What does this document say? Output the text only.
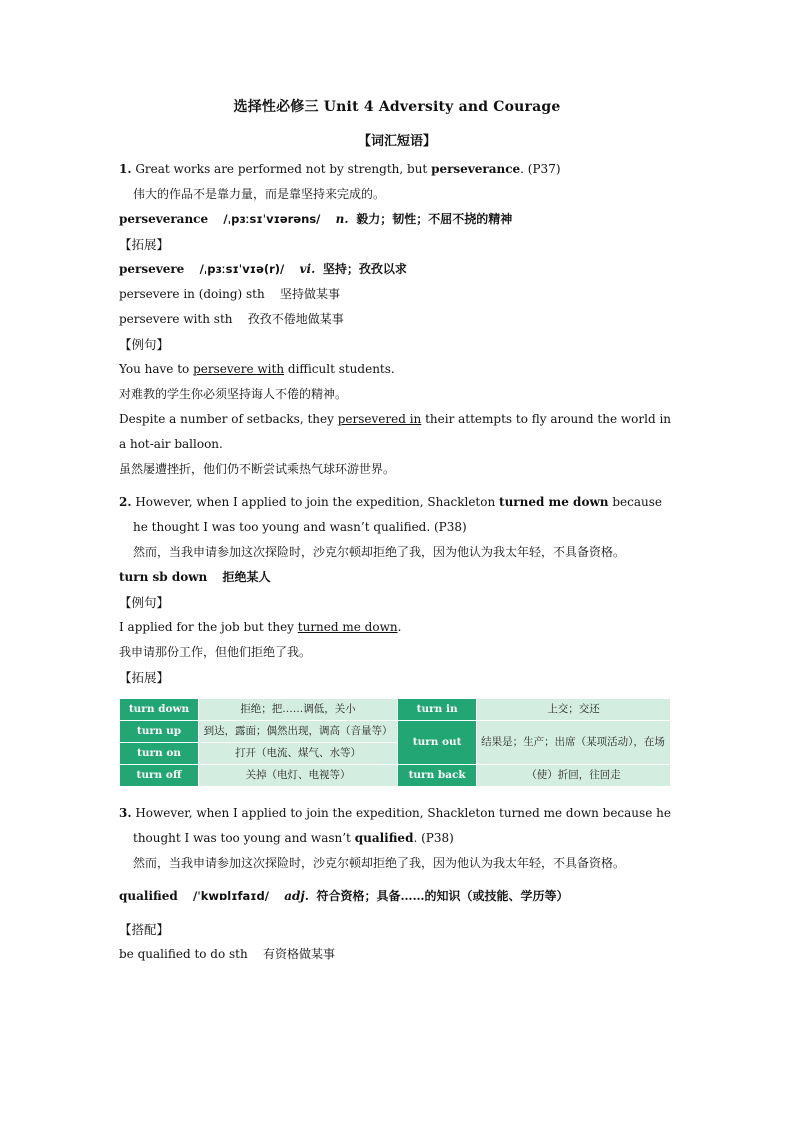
选择性必修三 Unit 4 Adversity and Courage
【词汇短语】

1. Great works are performed not by strength, but perseverance. (P37)

伟大的作品不是靠力量，而是靠坚持来完成的。

perseverance /ˌpɜːsɪˈvɪərəns/ n. 毅力；韧性；不屈不挠的精神

【拓展】

persevere /ˌpɜːsɪˈvɪə(r)/ vi. 坚持；孜孜以求

persevere in (doing) sth 坚持做某事

persevere with sth 孜孜不倦地做某事

【例句】

You have to persevere with difficult students.

对难教的学生你必须坚持诲人不倦的精神。

Despite a number of setbacks, they persevered in their attempts to fly around the world in a hot-air balloon.

虽然屡遭挫折，他们仍不断尝试乘热气球环游世界。

2. However, when I applied to join the expedition, Shackleton turned me down because he thought I was too young and wasn’t qualified. (P38)

然而，当我申请参加这次探险时，沙克尔顿却拒绝了我，因为他认为我太年轻，不具备资格。

turn sb down 拒绝某人

【例句】

I applied for the job but they turned me down.

我申请那份工作，但他们拒绝了我。

【拓展】

turn down	拒绝；把……调低，关小	turn in	上交；交还
turn up	到达，露面；偶然出现，调高（音量等）	turn out	结果是；生产；出席（某项活动），在场
turn on	打开（电流、煤气、水等）		
turn off	关掉（电灯、电视等）	turn back	（使）折回，往回走

3. However, when I applied to join the expedition, Shackleton turned me down because he thought I was too young and wasn’t qualified. (P38)

然而，当我申请参加这次探险时，沙克尔顿却拒绝了我，因为他认为我太年轻，不具备资格。

qualified /ˈkwɒlɪfaɪd/ adj. 符合资格；具备……的知识（或技能、学历等）

【搭配】

be qualified to do sth 有资格做某事
